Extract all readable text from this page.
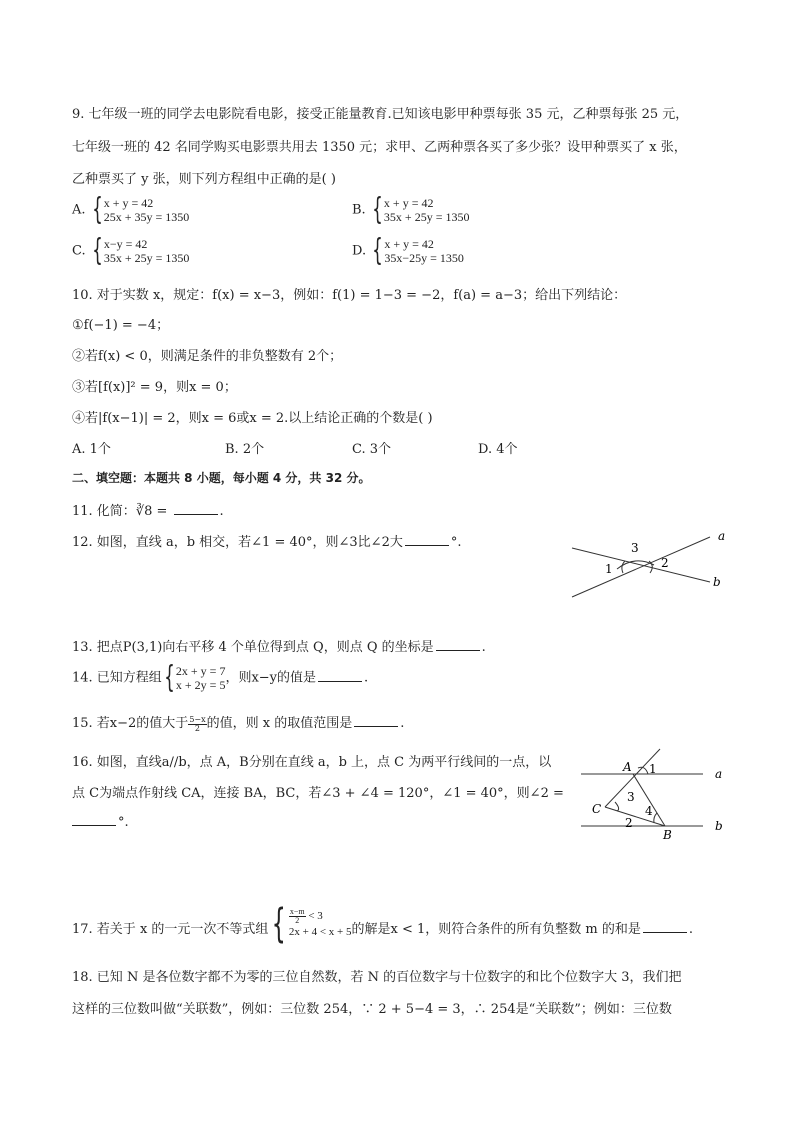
9. 七年级一班的同学去电影院看电影，接受正能量教育.已知该电影甲种票每张 35 元，乙种票每张 25 元，
七年级一班的 42 名同学购买电影票共用去 1350 元；求甲、乙两种票各买了多少张？设甲种票买了 x 张，
乙种票买了 y 张，则下列方程组中正确的是( )
A. { x + y = 42
25x + 35y = 1350	B. { x + y = 42
35x + 25y = 1350
C. { x−y = 42
35x + 25y = 1350	D. { x + y = 42
35x−25y = 1350
10. 对于实数 x，规定：f(x) = x−3，例如：f(1) = 1−3 = −2，f(a) = a−3；给出下列结论：
①f(−1) = −4；
②若f(x) < 0，则满足条件的非负整数有 2个；
③若[f(x)]² = 9，则x = 0；
④若|f(x−1)| = 2，则x = 6或x = 2.以上结论正确的个数是( )
A. 1个	B. 2个	C. 3个	D. 4个
二、填空题：本题共 8 小题，每小题 4 分，共 32 分。
11. 化简：∛8 =	.
12. 如图，直线 a，b 相交，若∠1 = 40°，则∠3比∠2大	°.	a
b
1	2
3
13. 把点P(3,1)向右平移 4 个单位得到点 Q，则点 Q 的坐标是	.
14. 已知方程组 { 2x + y = 7
x + 2y = 5 ，则x−y的值是	.
15. 若x−2的值大于 $\frac{5-x}{2}$ 的值，则 x 的取值范围是	.
16. 如图，直线a//b，点 A，B分别在直线 a，b 上，点 C 为两平行线间的一点，以
点 C为端点作射线 CA，连接 BA，BC，若∠3 + ∠4 = 120°，∠1 = 40°，则∠2 =
°.
a
b
A
B
C
1
2
3
4
17. 若关于 x 的一元一次不等式组 { $\frac{x-m}{2} < 3$
2x + 4 < x + 5 的解是x < 1，则符合条件的所有负整数 m 的和是	.
18. 已知 N 是各位数字都不为零的三位自然数，若 N 的百位数字与十位数字的和比个位数字大 3，我们把
这样的三位数叫做“关联数”，例如：三位数 254，∵ 2 + 5−4 = 3，∴ 254是“关联数”；例如：三位数
